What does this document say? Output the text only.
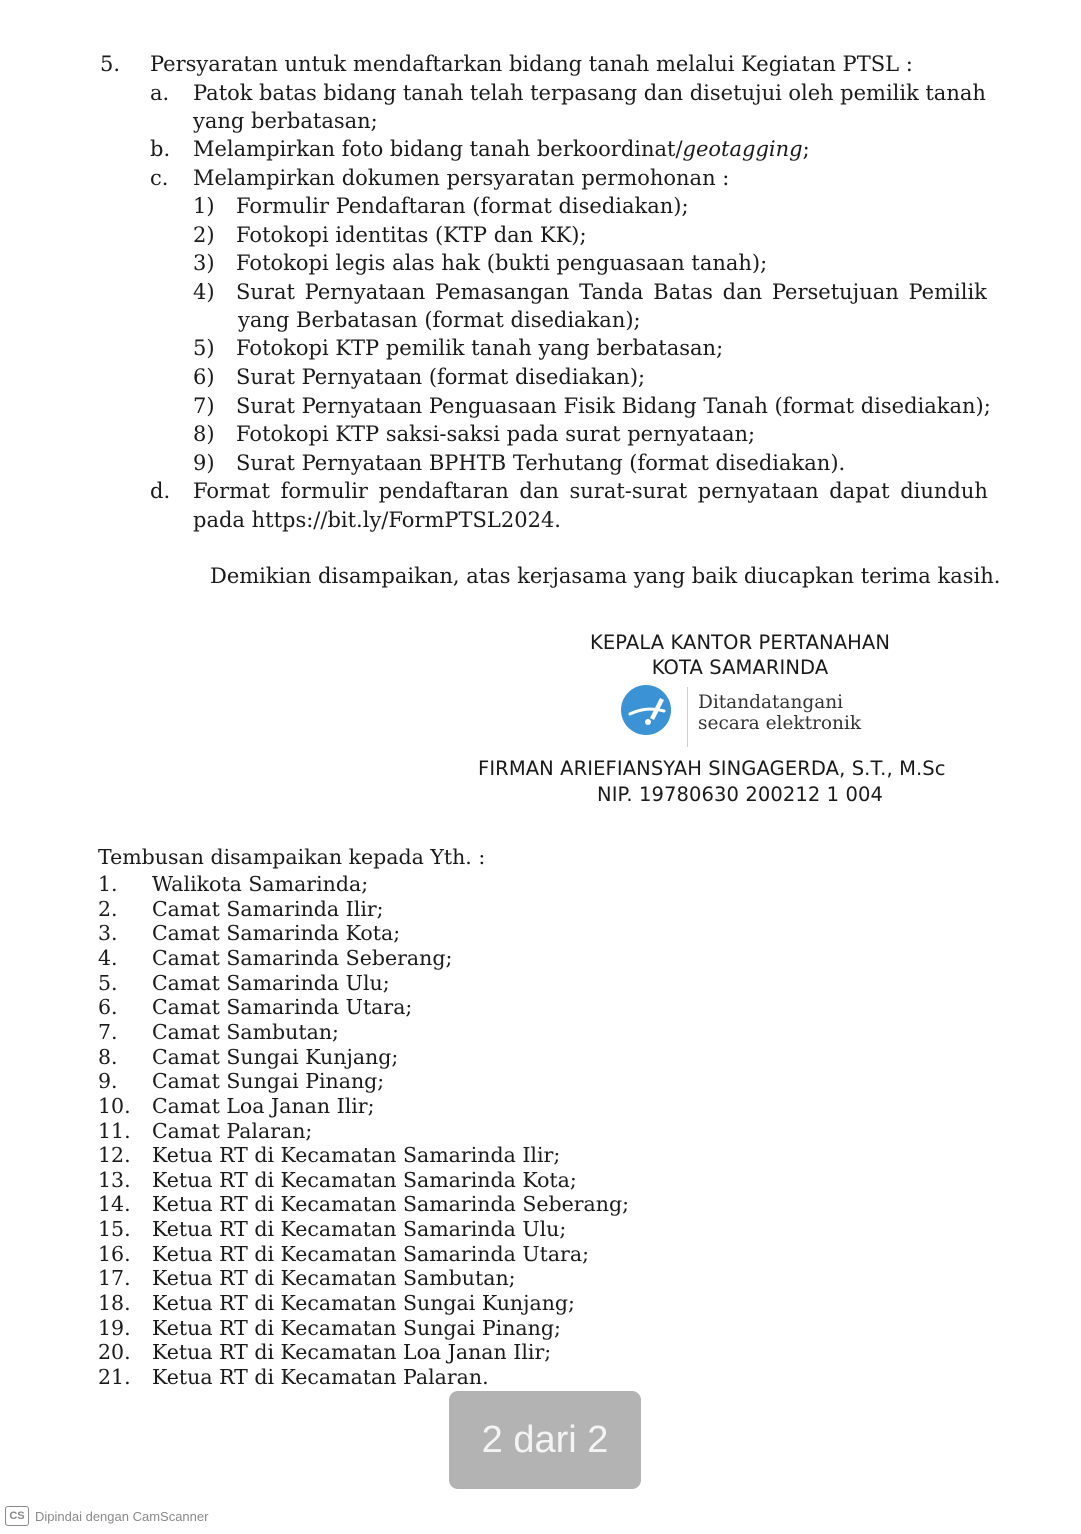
5. Persyaratan untuk mendaftarkan bidang tanah melalui Kegiatan PTSL :
a. Patok batas bidang tanah telah terpasang dan disetujui oleh pemilik tanah
yang berbatasan;
b. Melampirkan foto bidang tanah berkoordinat/geotagging;
c. Melampirkan dokumen persyaratan permohonan :
1) Formulir Pendaftaran (format disediakan);
2) Fotokopi identitas (KTP dan KK);
3) Fotokopi legis alas hak (bukti penguasaan tanah);
4) Surat Pernyataan Pemasangan Tanda Batas dan Persetujuan Pemilik
yang Berbatasan (format disediakan);
5) Fotokopi KTP pemilik tanah yang berbatasan;
6) Surat Pernyataan (format disediakan);
7) Surat Pernyataan Penguasaan Fisik Bidang Tanah (format disediakan);
8) Fotokopi KTP saksi-saksi pada surat pernyataan;
9) Surat Pernyataan BPHTB Terhutang (format disediakan).
d. Format formulir pendaftaran dan surat-surat pernyataan dapat diunduh
pada https://bit.ly/FormPTSL2024.
Demikian disampaikan, atas kerjasama yang baik diucapkan terima kasih.
KEPALA KANTOR PERTANAHAN
KOTA SAMARINDA
Ditandatangani
secara elektronik
FIRMAN ARIEFIANSYAH SINGAGERDA, S.T., M.Sc
NIP. 19780630 200212 1 004
Tembusan disampaikan kepada Yth. :
1. Walikota Samarinda;
2. Camat Samarinda Ilir;
3. Camat Samarinda Kota;
4. Camat Samarinda Seberang;
5. Camat Samarinda Ulu;
6. Camat Samarinda Utara;
7. Camat Sambutan;
8. Camat Sungai Kunjang;
9. Camat Sungai Pinang;
10. Camat Loa Janan Ilir;
11. Camat Palaran;
12. Ketua RT di Kecamatan Samarinda Ilir;
13. Ketua RT di Kecamatan Samarinda Kota;
14. Ketua RT di Kecamatan Samarinda Seberang;
15. Ketua RT di Kecamatan Samarinda Ulu;
16. Ketua RT di Kecamatan Samarinda Utara;
17. Ketua RT di Kecamatan Sambutan;
18. Ketua RT di Kecamatan Sungai Kunjang;
19. Ketua RT di Kecamatan Sungai Pinang;
20. Ketua RT di Kecamatan Loa Janan Ilir;
21. Ketua RT di Kecamatan Palaran.
2 dari 2
CS Dipindai dengan CamScanner
